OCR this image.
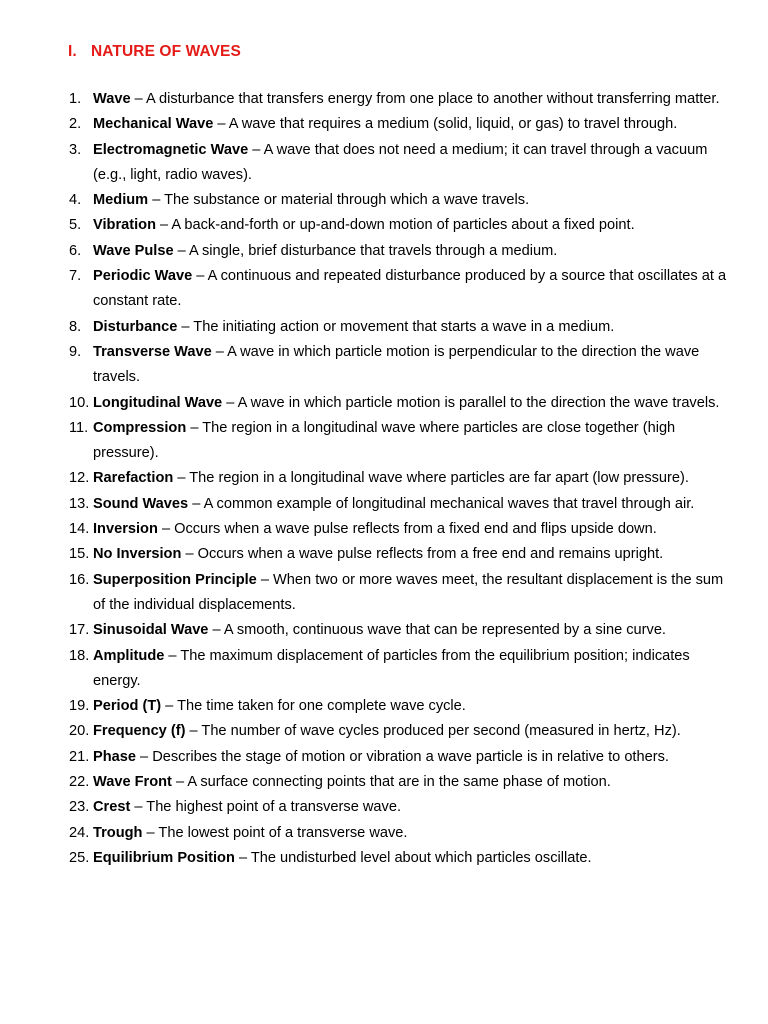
I. NATURE OF WAVES
1. Wave – A disturbance that transfers energy from one place to another without transferring matter.
2. Mechanical Wave – A wave that requires a medium (solid, liquid, or gas) to travel through.
3. Electromagnetic Wave – A wave that does not need a medium; it can travel through a vacuum (e.g., light, radio waves).
4. Medium – The substance or material through which a wave travels.
5. Vibration – A back-and-forth or up-and-down motion of particles about a fixed point.
6. Wave Pulse – A single, brief disturbance that travels through a medium.
7. Periodic Wave – A continuous and repeated disturbance produced by a source that oscillates at a constant rate.
8. Disturbance – The initiating action or movement that starts a wave in a medium.
9. Transverse Wave – A wave in which particle motion is perpendicular to the direction the wave travels.
10. Longitudinal Wave – A wave in which particle motion is parallel to the direction the wave travels.
11. Compression – The region in a longitudinal wave where particles are close together (high pressure).
12. Rarefaction – The region in a longitudinal wave where particles are far apart (low pressure).
13. Sound Waves – A common example of longitudinal mechanical waves that travel through air.
14. Inversion – Occurs when a wave pulse reflects from a fixed end and flips upside down.
15. No Inversion – Occurs when a wave pulse reflects from a free end and remains upright.
16. Superposition Principle – When two or more waves meet, the resultant displacement is the sum of the individual displacements.
17. Sinusoidal Wave – A smooth, continuous wave that can be represented by a sine curve.
18. Amplitude – The maximum displacement of particles from the equilibrium position; indicates energy.
19. Period (T) – The time taken for one complete wave cycle.
20. Frequency (f) – The number of wave cycles produced per second (measured in hertz, Hz).
21. Phase – Describes the stage of motion or vibration a wave particle is in relative to others.
22. Wave Front – A surface connecting points that are in the same phase of motion.
23. Crest – The highest point of a transverse wave.
24. Trough – The lowest point of a transverse wave.
25. Equilibrium Position – The undisturbed level about which particles oscillate.
